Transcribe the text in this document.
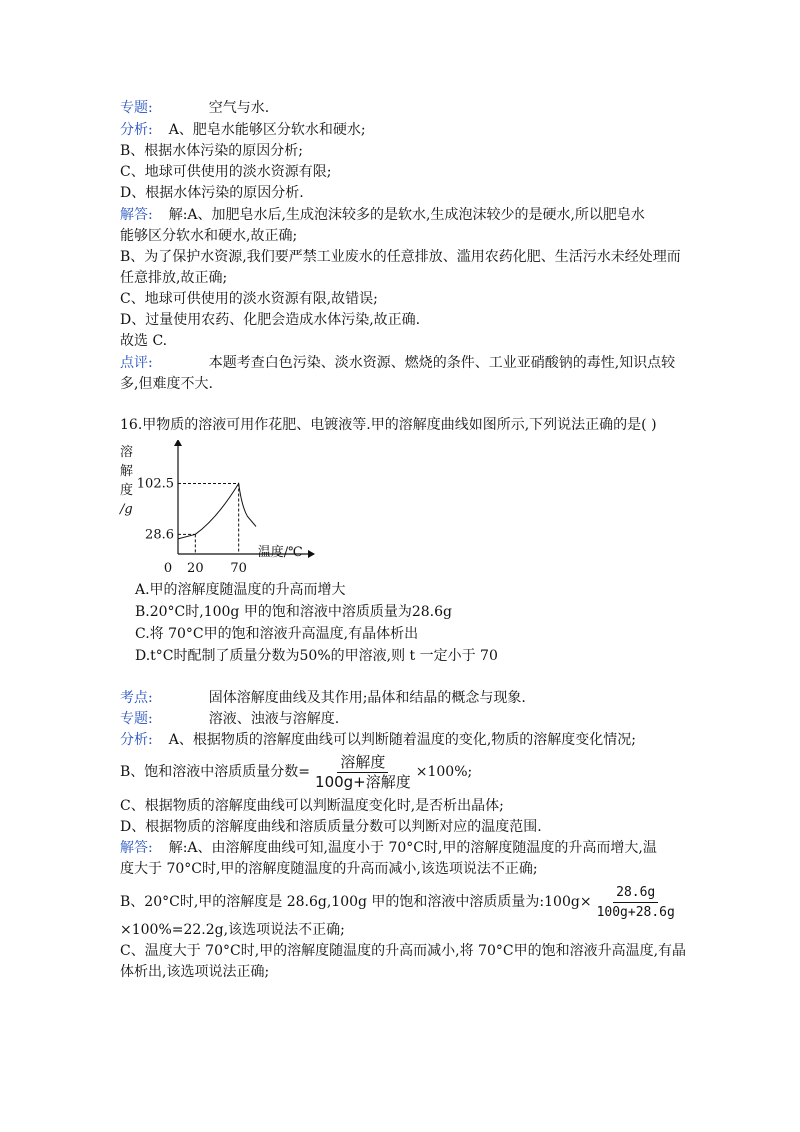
专题:	空气与水.
分析: A、肥皂水能够区分软水和硬水;
B、根据水体污染的原因分析;
C、地球可供使用的淡水资源有限;
D、根据水体污染的原因分析.
解答: 解:A、加肥皂水后,生成泡沫较多的是软水,生成泡沫较少的是硬水,所以肥皂水
能够区分软水和硬水,故正确;
B、为了保护水资源,我们要严禁工业废水的任意排放、滥用农药化肥、生活污水未经处理而
任意排放,故正确;
C、地球可供使用的淡水资源有限,故错误;
D、过量使用农药、化肥会造成水体污染,故正确.
故选 C.
点评:	本题考查白色污染、淡水资源、燃烧的条件、工业亚硝酸钠的毒性,知识点较
多,但难度不大.
16.甲物质的溶液可用作花肥、电镀液等.甲的溶解度曲线如图所示,下列说法正确的是( )
溶
解
度
/g
0 20 70
28.6
102.5
温度/℃
A.甲的溶解度随温度的升高而增大
B.20°C时,100g 甲的饱和溶液中溶质质量为28.6g
C.将 70°C甲的饱和溶液升高温度,有晶体析出
D.t°C时配制了质量分数为50%的甲溶液,则 t 一定小于 70
考点:	固体溶解度曲线及其作用;晶体和结晶的概念与现象.
专题:	溶液、浊液与溶解度.
分析: A、根据物质的溶解度曲线可以判断随着温度的变化,物质的溶解度变化情况;
B、饱和溶液中溶质质量分数= $\frac{\text{溶解度}}{\text{100g+溶解度}} \times 100\%$;
C、根据物质的溶解度曲线可以判断温度变化时,是否析出晶体;
D、根据物质的溶解度曲线和溶质质量分数可以判断对应的温度范围.
解答: 解:A、由溶解度曲线可知,温度小于 70°C时,甲的溶解度随温度的升高而增大,温
度大于 70°C时,甲的溶解度随温度的升高而减小,该选项说法不正确;
B、20°C时,甲的溶解度是 28.6g,100g 甲的饱和溶液中溶质质量为:100g× $\frac{28.6g}{100g+28.6g}$
×100%=22.2g,该选项说法不正确;
C、温度大于 70°C时,甲的溶解度随温度的升高而减小,将 70°C甲的饱和溶液升高温度,有晶
体析出,该选项说法正确;
